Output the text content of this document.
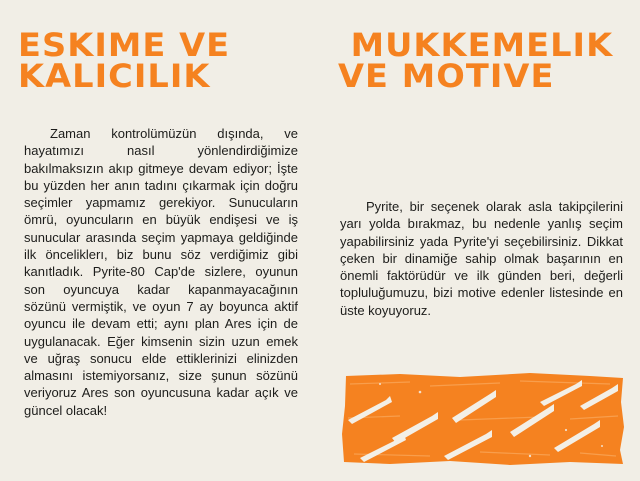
ESKIME VE
KALICILIK
MUKKEMELIK
VE MOTIVE

Zaman kontrolümüzün dışında, ve hayatımızı nasıl yönlendirdiğimize bakılmaksızın akıp gitmeye devam ediyor; İşte bu yüzden her anın tadını çıkarmak için doğru seçimler yapmamız gerekiyor. Sunucuların ömrü, oyuncuların en büyük endişesi ve iş sunucular arasında seçim yapmaya geldiğinde ilk önceliklerı, biz bunu söz verdiğimiz gibi kanıtladık. Pyrite-80 Cap'de sizlere, oyunun son oyuncuya kadar kapanmayacağının sözünü vermiştik, ve oyun 7 ay boyunca aktif oyuncu ile devam etti; aynı plan Ares için de uygulanacak. Eğer kimsenin sizin uzun emek ve uğraş sonucu elde ettiklerinizi elinizden almasını istemiyorsanız, size şunun sözünü veriyoruz Ares son oyuncusuna kadar açık ve güncel olacak!

Pyrite, bir seçenek olarak asla takipçilerini yarı yolda bırakmaz, bu nedenle yanlış seçim yapabilirsiniz yada Pyrite'yi seçebilirsiniz. Dikkat çeken bir dinamiğe sahip olmak başarının en önemli faktörüdür ve ilk günden beri, değerli topluluğumuzu, bizi motive edenler listesinde en üste koyuyoruz.
